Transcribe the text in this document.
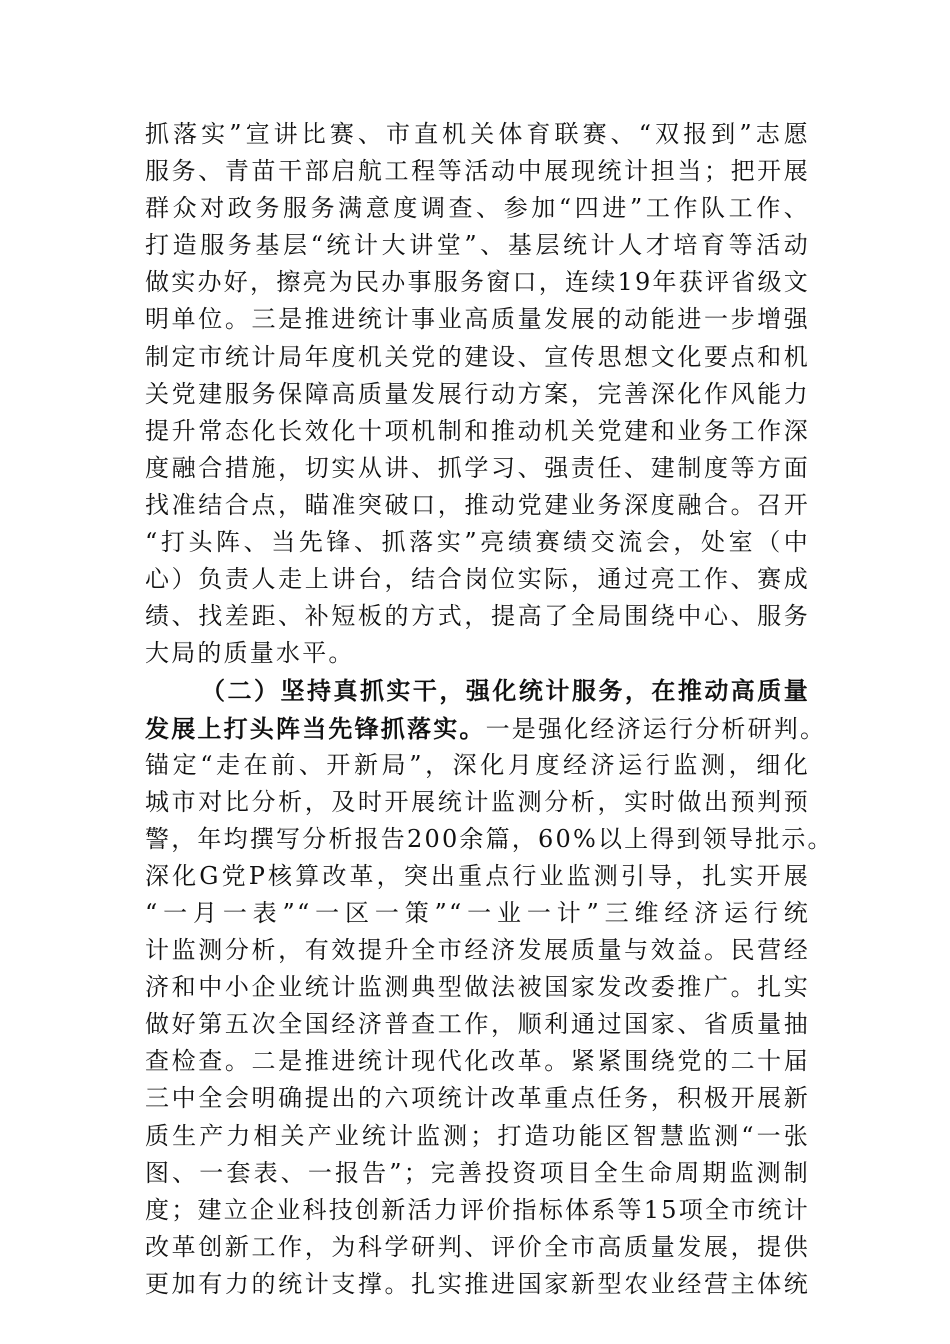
抓落实”宣讲比赛、市直机关体育联赛、“双报到”志愿
服务、青苗干部启航工程等活动中展现统计担当；把开展
群众对政务服务满意度调查、参加“四进”工作队工作、
打造服务基层“统计大讲堂”、基层统计人才培育等活动
做实办好，擦亮为民办事服务窗口，连续19年获评省级文
明单位。三是推进统计事业高质量发展的动能进一步增强
制定市统计局年度机关党的建设、宣传思想文化要点和机
关党建服务保障高质量发展行动方案，完善深化作风能力
提升常态化长效化十项机制和推动机关党建和业务工作深
度融合措施，切实从讲、抓学习、强责任、建制度等方面
找准结合点，瞄准突破口，推动党建业务深度融合。召开
“打头阵、当先锋、抓落实”亮绩赛绩交流会，处室（中
心）负责人走上讲台，结合岗位实际，通过亮工作、赛成
绩、找差距、补短板的方式，提高了全局围绕中心、服务
大局的质量水平。
（二）坚持真抓实干，强化统计服务，在推动高质量
发展上打头阵当先锋抓落实。一是强化经济运行分析研判。
锚定“走在前、开新局”，深化月度经济运行监测，细化
城市对比分析，及时开展统计监测分析，实时做出预判预
警，年均撰写分析报告200余篇，60%以上得到领导批示。
深化G党P核算改革，突出重点行业监测引导，扎实开展
“一月一表”“一区一策”“一业一计”三维经济运行统
计监测分析，有效提升全市经济发展质量与效益。民营经
济和中小企业统计监测典型做法被国家发改委推广。扎实
做好第五次全国经济普查工作，顺利通过国家、省质量抽
查检查。二是推进统计现代化改革。紧紧围绕党的二十届
三中全会明确提出的六项统计改革重点任务，积极开展新
质生产力相关产业统计监测；打造功能区智慧监测“一张
图、一套表、一报告”；完善投资项目全生命周期监测制
度；建立企业科技创新活力评价指标体系等15项全市统计
改革创新工作，为科学研判、评价全市高质量发展，提供
更加有力的统计支撑。扎实推进国家新型农业经营主体统
